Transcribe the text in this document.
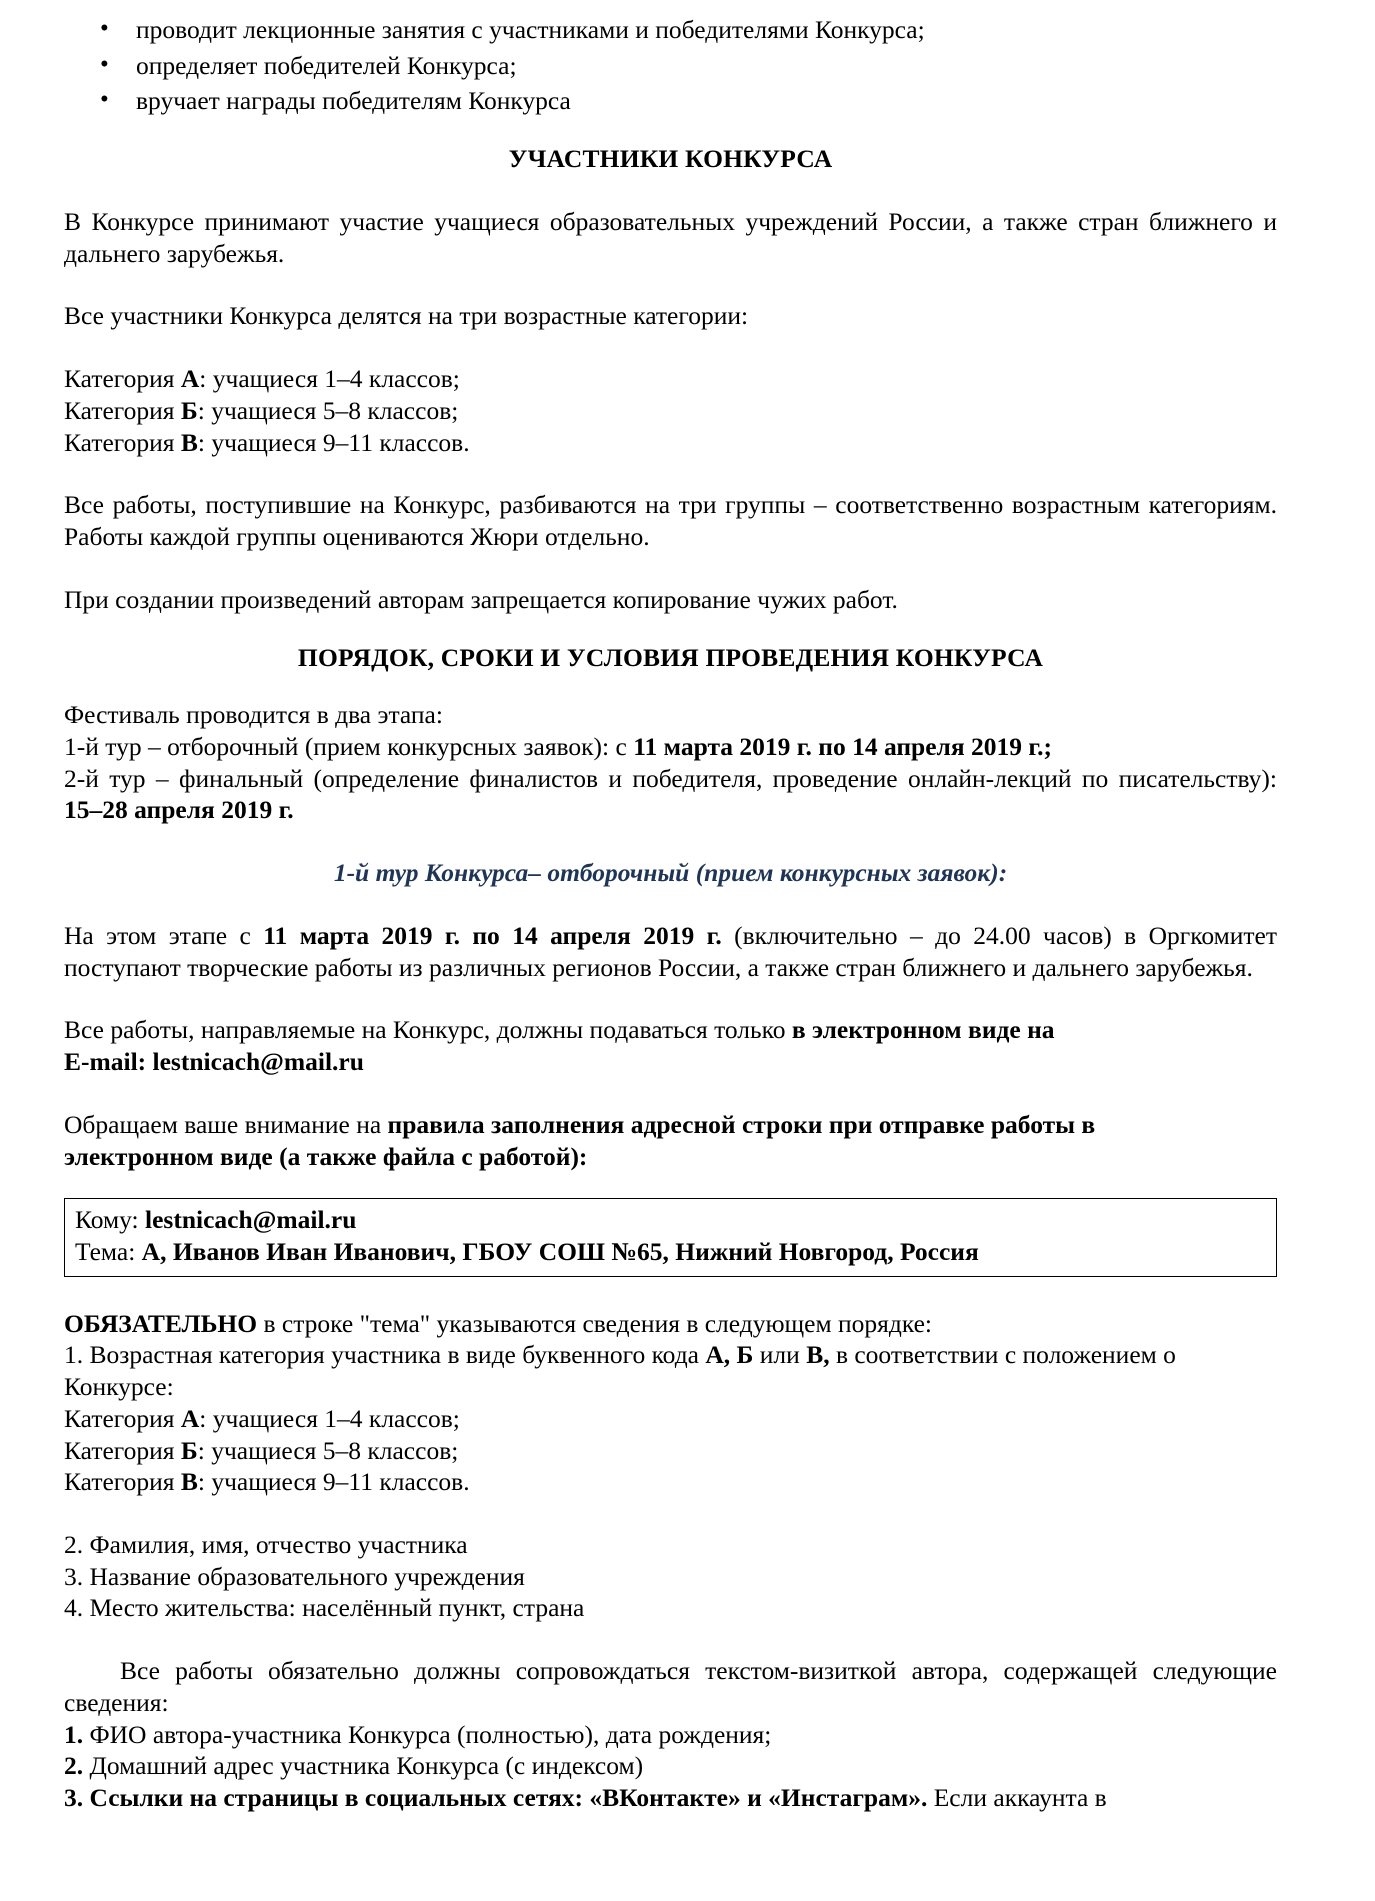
• проводит лекционные занятия с участниками и победителями Конкурса;
• определяет победителей Конкурса;
• вручает награды победителям Конкурса
УЧАСТНИКИ КОНКУРСА

В Конкурсе принимают участие учащиеся образовательных учреждений России, а также стран ближнего и дальнего зарубежья.

Все участники Конкурса делятся на три возрастные категории:

Категория А: учащиеся 1–4 классов;

Категория Б: учащиеся 5–8 классов;

Категория В: учащиеся 9–11 классов.

Все работы, поступившие на Конкурс, разбиваются на три группы – соответственно возрастным категориям. Работы каждой группы оцениваются Жюри отдельно.

При создании произведений авторам запрещается копирование чужих работ.

ПОРЯДОК, СРОКИ И УСЛОВИЯ ПРОВЕДЕНИЯ КОНКУРСА

Фестиваль проводится в два этапа:

1-й тур – отборочный (прием конкурсных заявок): с 11 марта 2019 г. по 14 апреля 2019 г.;

2-й тур – финальный (определение финалистов и победителя, проведение онлайн-лекций по писательству): 15–28 апреля 2019 г.

1-й тур Конкурса– отборочный (прием конкурсных заявок):

На этом этапе с 11 марта 2019 г. по 14 апреля 2019 г. (включительно – до 24.00 часов) в Оргкомитет поступают творческие работы из различных регионов России, а также стран ближнего и дальнего зарубежья.

Все работы, направляемые на Конкурс, должны подаваться только в электронном виде на

E-mail: lestnicach@mail.ru

Обращаем ваше внимание на правила заполнения адресной строки при отправке работы в

электронном виде (а также файла с работой):

Кому: lestnicach@mail.ru
Тема: А, Иванов Иван Иванович, ГБОУ СОШ №65, Нижний Новгород, Россия

ОБЯЗАТЕЛЬНО в строке "тема" указываются сведения в следующем порядке:

1. Возрастная категория участника в виде буквенного кода А, Б или В, в соответствии с положением о Конкурсе:

Категория А: учащиеся 1–4 классов;

Категория Б: учащиеся 5–8 классов;

Категория В: учащиеся 9–11 классов.

2. Фамилия, имя, отчество участника

3. Название образовательного учреждения

4. Место жительства: населённый пункт, страна

Все работы обязательно должны сопровождаться текстом-визиткой автора, содержащей следующие сведения:

1. ФИО автора-участника Конкурса (полностью), дата рождения;

2. Домашний адрес участника Конкурса (с индексом)

3. Ссылки на страницы в социальных сетях: «ВКонтакте» и «Инстаграм». Если аккаунта в
